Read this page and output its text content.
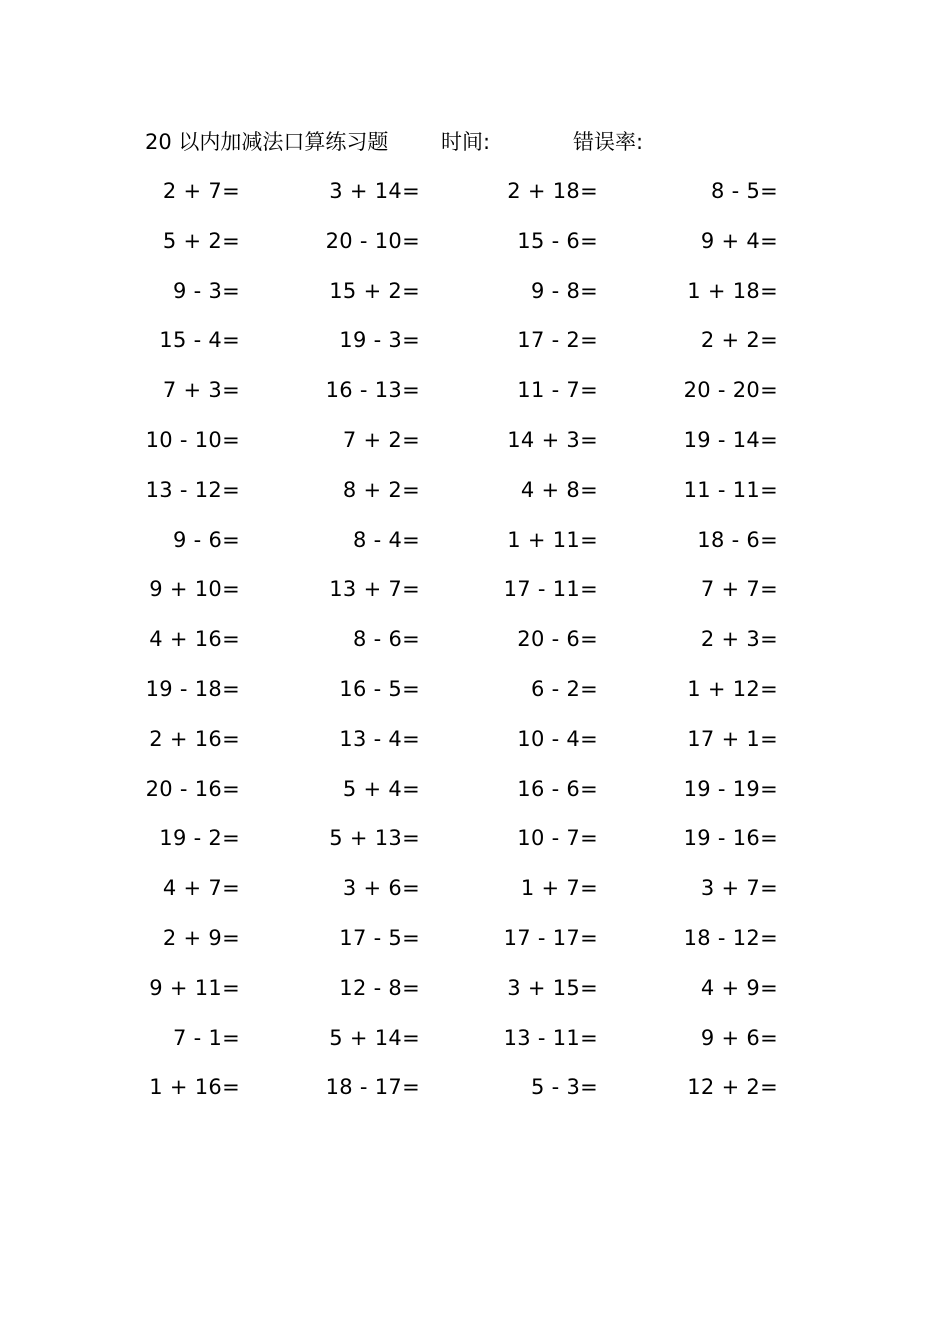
20 以内加减法口算练习题	时间:	错误率:
2 + 7=	3 + 14=	2 + 18=	8 - 5=
5 + 2=	20 - 10=	15 - 6=	9 + 4=
9 - 3=	15 + 2=	9 - 8=	1 + 18=
15 - 4=	19 - 3=	17 - 2=	2 + 2=
7 + 3=	16 - 13=	11 - 7=	20 - 20=
10 - 10=	7 + 2=	14 + 3=	19 - 14=
13 - 12=	8 + 2=	4 + 8=	11 - 11=
9 - 6=	8 - 4=	1 + 11=	18 - 6=
9 + 10=	13 + 7=	17 - 11=	7 + 7=
4 + 16=	8 - 6=	20 - 6=	2 + 3=
19 - 18=	16 - 5=	6 - 2=	1 + 12=
2 + 16=	13 - 4=	10 - 4=	17 + 1=
20 - 16=	5 + 4=	16 - 6=	19 - 19=
19 - 2=	5 + 13=	10 - 7=	19 - 16=
4 + 7=	3 + 6=	1 + 7=	3 + 7=
2 + 9=	17 - 5=	17 - 17=	18 - 12=
9 + 11=	12 - 8=	3 + 15=	4 + 9=
7 - 1=	5 + 14=	13 - 11=	9 + 6=
1 + 16=	18 - 17=	5 - 3=	12 + 2=
